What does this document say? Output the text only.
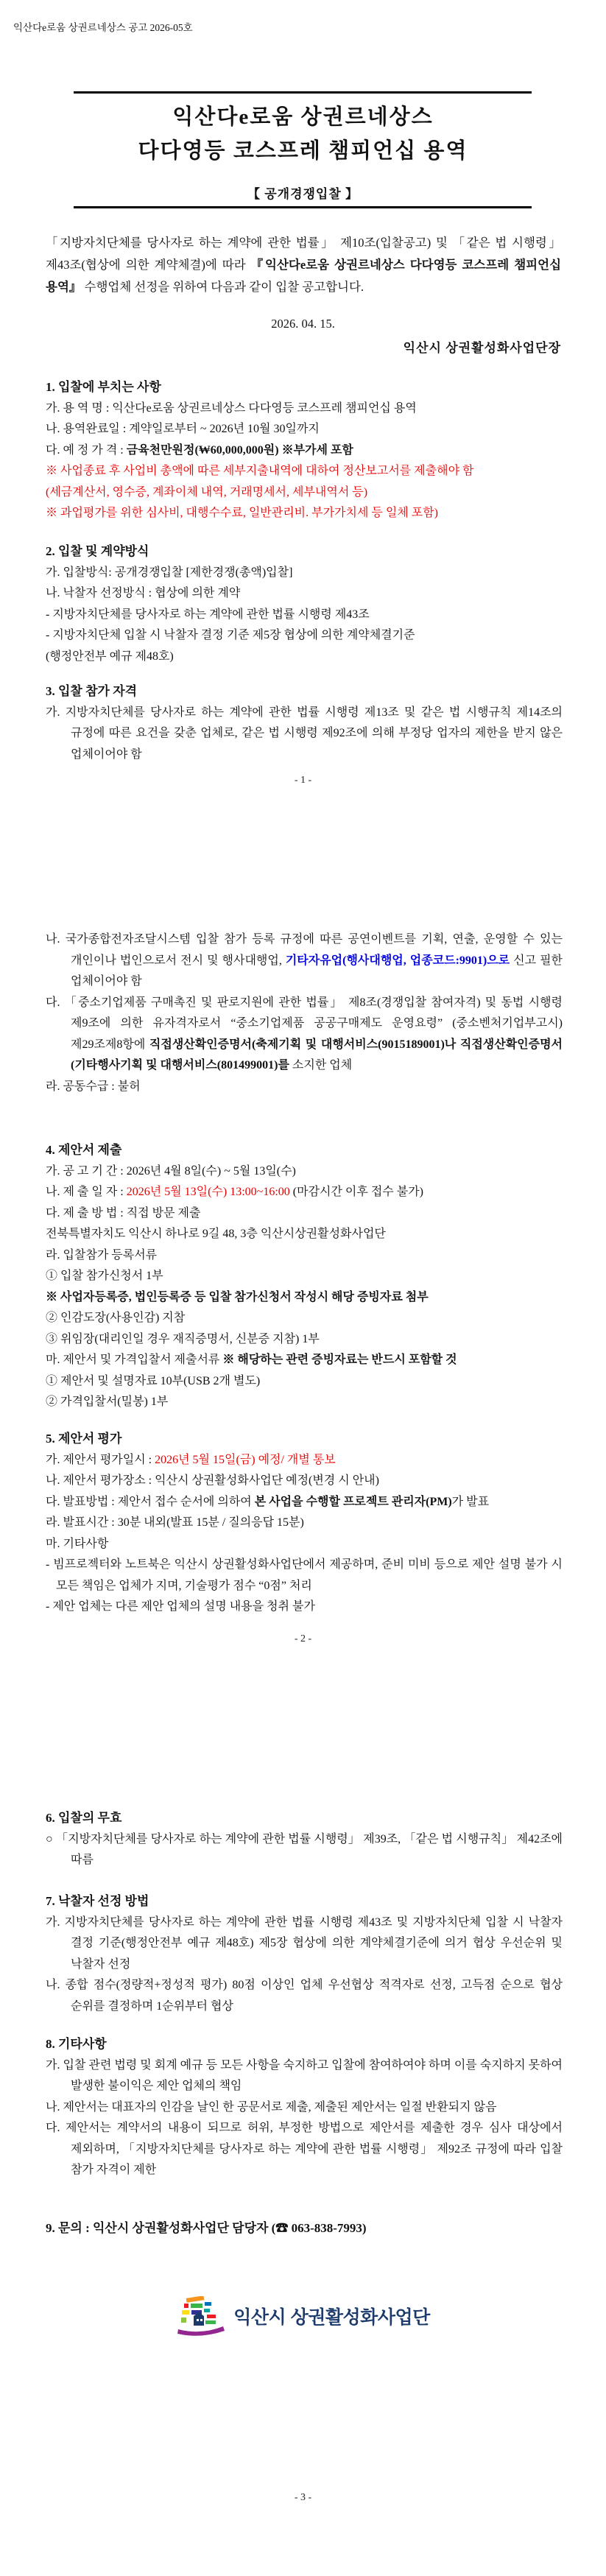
익산다e로움 상권르네상스 공고 2026-05호
익산다e로움 상권르네상스
다다영등 코스프레 챔피언십 용역
【 공개경쟁입찰 】

「지방자치단체를 당사자로 하는 계약에 관한 법률」 제10조(입찰공고) 및 「같은 법 시행령」 제43조(협상에 의한 계약체결)에 따라 『익산다e로움 상권르네상스 다다영등 코스프레 챔피언십 용역』 수행업체 선정을 위하여 다음과 같이 입찰 공고합니다.

2026. 04. 15.
익산시 상권활성화사업단장

1. 입찰에 부치는 사항

가. 용 역 명 : 익산다e로움 상권르네상스 다다영등 코스프레 챔피언십 용역

나. 용역완료일 : 계약일로부터 ~ 2026년 10월 30일까지

다. 예 정 가 격 : 금육천만원정(₩60,000,000원) ※부가세 포함

※ 사업종료 후 사업비 총액에 따른 세부지출내역에 대하여 정산보고서를 제출해야 함

(세금계산서, 영수증, 계좌이체 내역, 거래명세서, 세부내역서 등)

※ 과업평가를 위한 심사비, 대행수수료, 일반관리비. 부가가치세 등 일체 포함)

2. 입찰 및 계약방식

가. 입찰방식: 공개경쟁입찰 [제한경쟁(총액)입찰]

나. 낙찰자 선정방식 : 협상에 의한 계약

- 지방자치단체를 당사자로 하는 계약에 관한 법률 시행령 제43조

- 지방자치단체 입찰 시 낙찰자 결정 기준 제5장 협상에 의한 계약체결기준

(행정안전부 예규 제48호)

3. 입찰 참가 자격

가. 지방자치단체를 당사자로 하는 계약에 관한 법률 시행령 제13조 및 같은 법 시행규칙 제14조의 규정에 따른 요건을 갖춘 업체로, 같은 법 시행령 제92조에 의해 부정당 업자의 제한을 받지 않은 업체이어야 함

- 1 -

나. 국가종합전자조달시스템 입찰 참가 등록 규정에 따른 공연이벤트를 기획, 연출, 운영할 수 있는 개인이나 법인으로서 전시 및 행사대행업, 기타자유업(행사대행업, 업종코드:9901)으로 신고 필한 업체이어야 함

다. 「중소기업제품 구매촉진 및 판로지원에 관한 법률」 제8조(경쟁입찰 참여자격) 및 동법 시행령 제9조에 의한 유자격자로서 “중소기업제품 공공구매제도 운영요령” (중소벤처기업부고시) 제29조제8항에 직접생산확인증명서(축제기획 및 대행서비스(9015189001)나 직접생산확인증명서(기타행사기획 및 대행서비스(801499001)를 소지한 업체

라. 공동수급 : 불허

4. 제안서 제출

가. 공 고 기 간 : 2026년 4월 8일(수) ~ 5월 13일(수)

나. 제 출 일 자 : 2026년 5월 13일(수) 13:00~16:00 (마감시간 이후 접수 불가)

다. 제 출 방 법 : 직접 방문 제출

전북특별자치도 익산시 하나로 9길 48, 3층 익산시상권활성화사업단

라. 입찰참가 등록서류

① 입찰 참가신청서 1부

※ 사업자등록증, 법인등록증 등 입찰 참가신청서 작성시 해당 증빙자료 첨부

② 인감도장(사용인감) 지참

③ 위임장(대리인일 경우 재직증명서, 신분증 지참) 1부

마. 제안서 및 가격입찰서 제출서류 ※ 해당하는 관련 증빙자료는 반드시 포함할 것

① 제안서 및 설명자료 10부(USB 2개 별도)

② 가격입찰서(밀봉) 1부

5. 제안서 평가

가. 제안서 평가일시 : 2026년 5월 15일(금) 예정/ 개별 통보

나. 제안서 평가장소 : 익산시 상권활성화사업단 예정(변경 시 안내)

다. 발표방법 : 제안서 접수 순서에 의하여 본 사업을 수행할 프로젝트 관리자(PM)가 발표

라. 발표시간 : 30분 내외(발표 15분 / 질의응답 15분)

마. 기타사항

- 빔프로젝터와 노트북은 익산시 상권활성화사업단에서 제공하며, 준비 미비 등으로 제안 설명 불가 시 모든 책임은 업체가 지며, 기술평가 점수 “0점” 처리

- 제안 업체는 다른 제안 업체의 설명 내용을 청취 불가

- 2 -

6. 입찰의 무효

○ 「지방자치단체를 당사자로 하는 계약에 관한 법률 시행령」 제39조, 「같은 법 시행규칙」 제42조에 따름

7. 낙찰자 선정 방법

가. 지방자치단체를 당사자로 하는 계약에 관한 법률 시행령 제43조 및 지방자치단체 입찰 시 낙찰자 결정 기준(행정안전부 예규 제48호) 제5장 협상에 의한 계약체결기준에 의거 협상 우선순위 및 낙찰자 선정

나. 종합 점수(정량적+정성적 평가) 80점 이상인 업체 우선협상 적격자로 선정, 고득점 순으로 협상 순위를 결정하며 1순위부터 협상

8. 기타사항

가. 입찰 관련 법령 및 회계 예규 등 모든 사항을 숙지하고 입찰에 참여하여야 하며 이를 숙지하지 못하여 발생한 불이익은 제안 업체의 책임

나. 제안서는 대표자의 인감을 날인 한 공문서로 제출, 제출된 제안서는 일절 반환되지 않음

다. 제안서는 계약서의 내용이 되므로 허위, 부정한 방법으로 제안서를 제출한 경우 심사 대상에서 제외하며, 「지방자치단체를 당사자로 하는 계약에 관한 법률 시행령」 제92조 규정에 따라 입찰 참가 자격이 제한

9. 문의 : 익산시 상권활성화사업단 담당자 (☎ 063-838-7993)

익산시 상권활성화사업단
- 3 -
